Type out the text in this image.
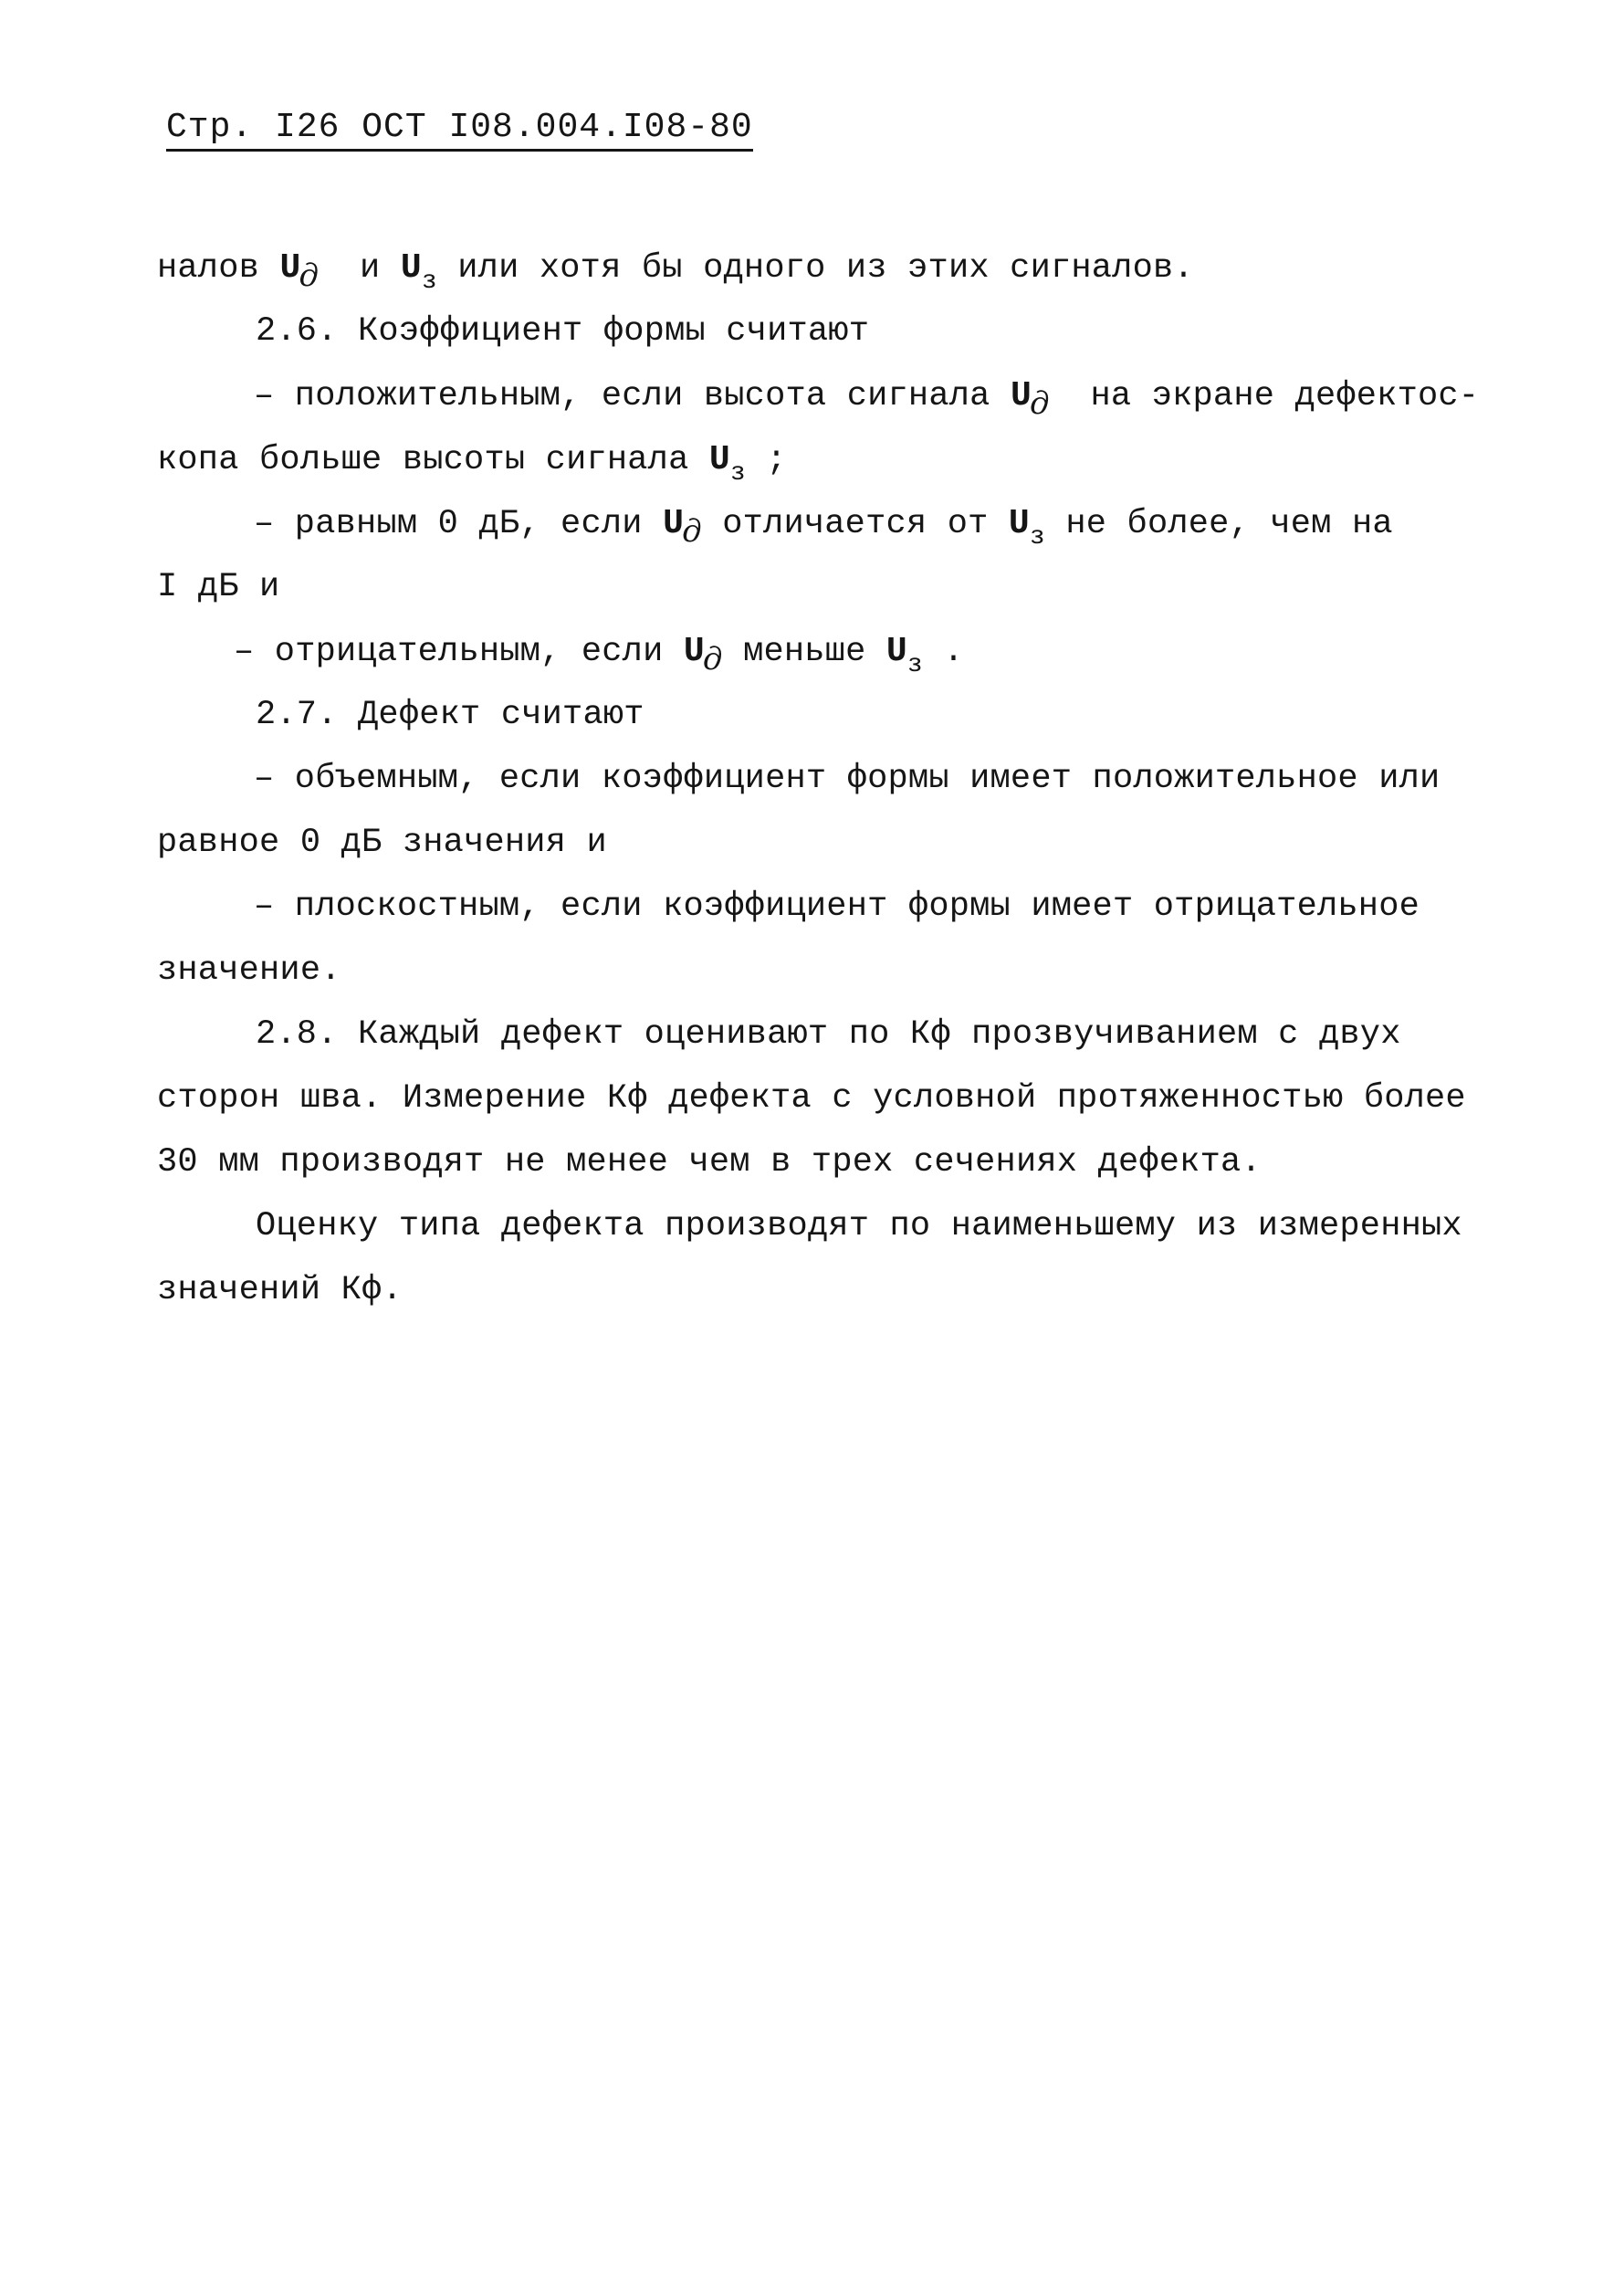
Стр. I26 ОСТ I08.004.I08-80
налов Uд и $U_з$ или хотя бы одного из этих сигналов.
2.6. Коэффициент формы считают
– положительным, если высота сигнала Uд на экране дефектос-
копа больше высоты сигнала $U_з$ ;
– равным 0 дБ, если Uд отличается от $U_з$ не более, чем на
I дБ и
– отрицательным, если Uд меньше $U_з$ .
2.7. Дефект считают
– объемным, если коэффициент формы имеет положительное или
равное 0 дБ значения и
– плоскостным, если коэффициент формы имеет отрицательное
значение.
2.8. Каждый дефект оценивают по Кф прозвучиванием с двух
сторон шва. Измерение Кф дефекта с условной протяженностью более
30 мм производят не менее чем в трех сечениях дефекта.
Оценку типа дефекта производят по наименьшему из измеренных
значений Кф.
